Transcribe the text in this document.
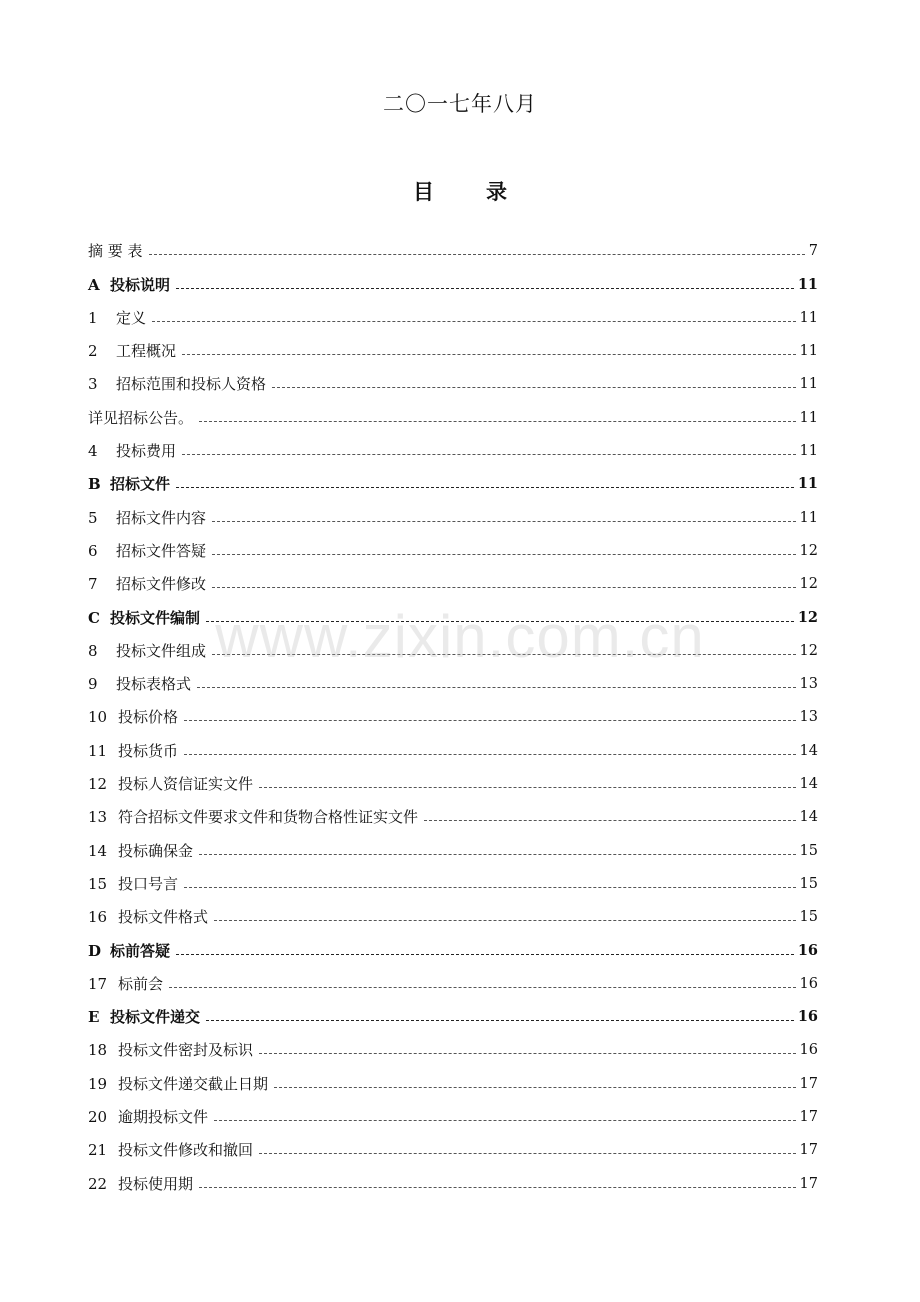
二〇一七年八月
目 录
摘 要 表	7
A 投标说明	11
1	定义	11
2	工程概况	11
3	招标范围和投标人资格	11
详见招标公告。	11
4	投标费用	11
B 招标文件	11
5	招标文件内容	11
6	招标文件答疑	12
7	招标文件修改	12
C 投标文件编制	12
8	投标文件组成	12
9	投标表格式	13
10 投标价格	13
11 投标货币	14
12 投标人资信证实文件	14
13 符合招标文件要求文件和货物合格性证实文件	14
14 投标确保金	15
15 投口号言	15
16 投标文件格式	15
D 标前答疑	16
17 标前会	16
E 投标文件递交	16
18 投标文件密封及标识	16
19 投标文件递交截止日期	17
20 逾期投标文件	17
21 投标文件修改和撤回	17
22 投标使用期	17
www.zixin.com.cn
